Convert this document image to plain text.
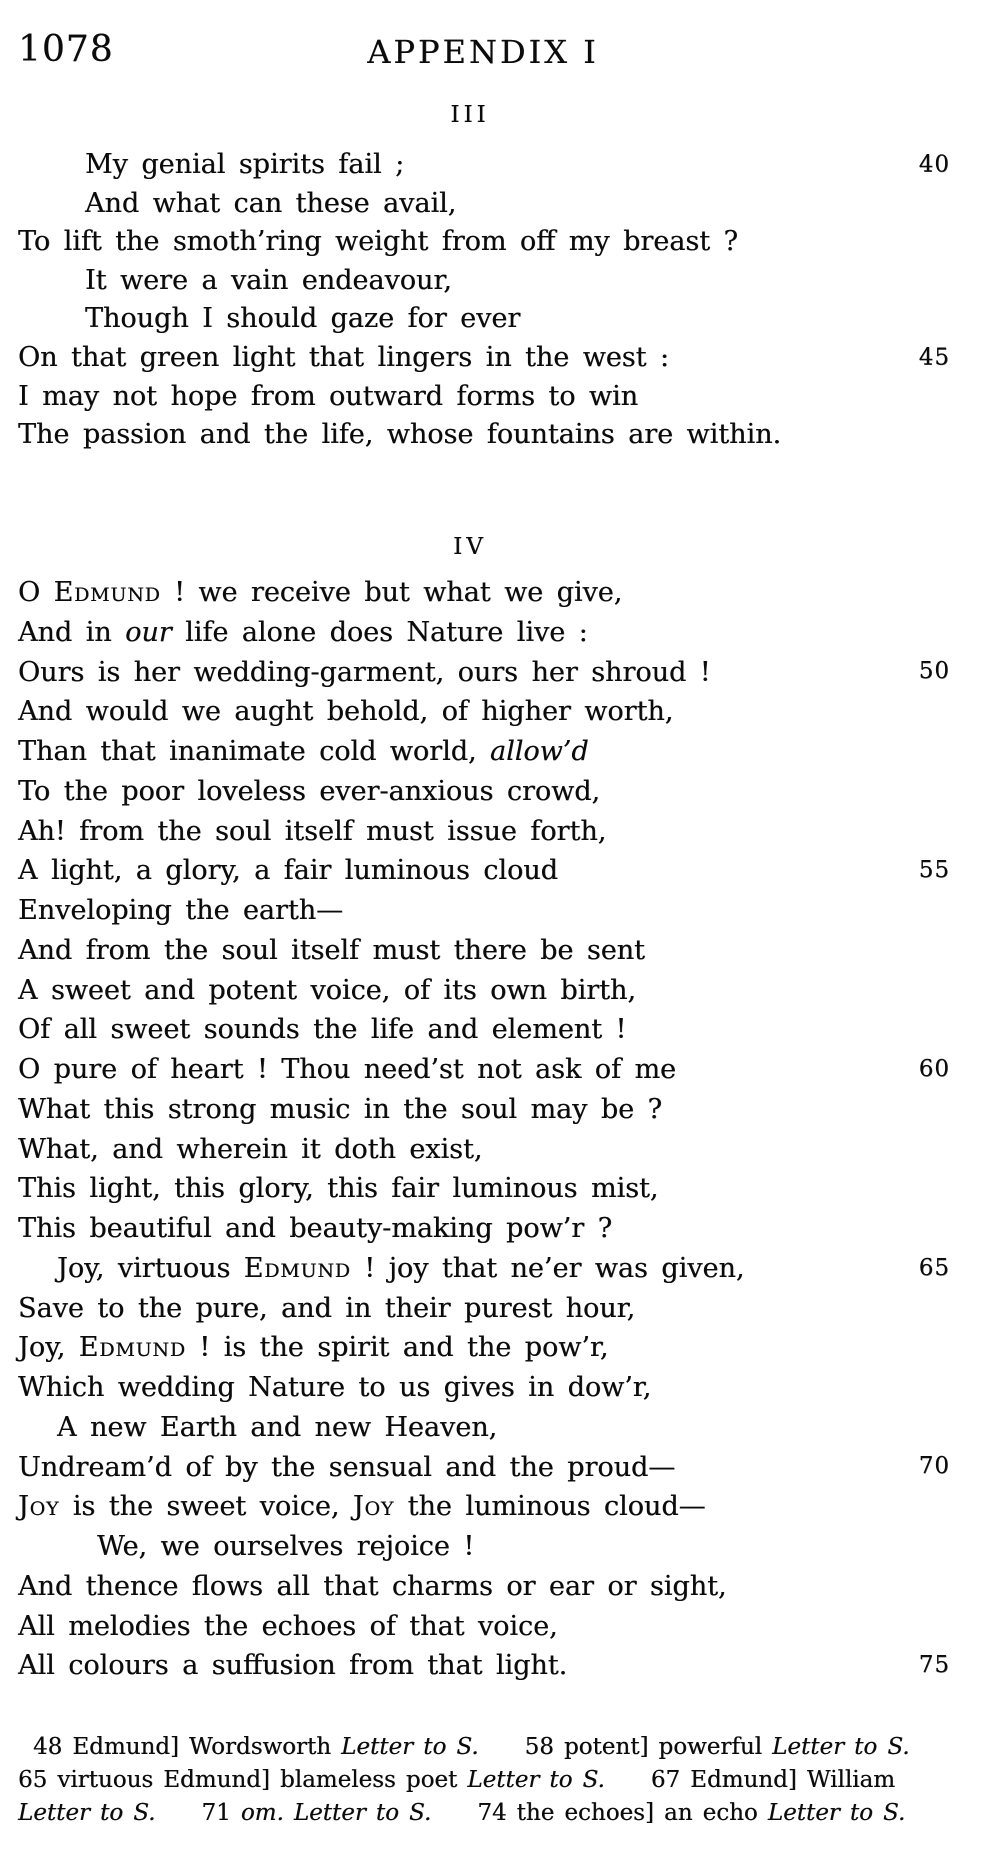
1078	APPENDIX I
III
My genial spirits fail ;	40
And what can these avail,
To lift the smoth’ring weight from off my breast ?
It were a vain endeavour,
Though I should gaze for ever
On that green light that lingers in the west :	45
I may not hope from outward forms to win
The passion and the life, whose fountains are within.
IV
O Edmund ! we receive but what we give,
And in our life alone does Nature live :
Ours is her wedding-garment, ours her shroud !	50
And would we aught behold, of higher worth,
Than that inanimate cold world, allow’d
To the poor loveless ever-anxious crowd,
Ah! from the soul itself must issue forth,
A light, a glory, a fair luminous cloud	55
Enveloping the earth—
And from the soul itself must there be sent
A sweet and potent voice, of its own birth,
Of all sweet sounds the life and element !
O pure of heart ! Thou need’st not ask of me	60
What this strong music in the soul may be ?
What, and wherein it doth exist,
This light, this glory, this fair luminous mist,
This beautiful and beauty-making pow’r ?
Joy, virtuous Edmund ! joy that ne’er was given,	65
Save to the pure, and in their purest hour,
Joy, Edmund ! is the spirit and the pow’r,
Which wedding Nature to us gives in dow’r,
A new Earth and new Heaven,
Undream’d of by the sensual and the proud—	70
Joy is the sweet voice, Joy the luminous cloud—
We, we ourselves rejoice !
And thence flows all that charms or ear or sight,
All melodies the echoes of that voice,
All colours a suffusion from that light.	75
48 Edmund] Wordsworth Letter to S. 58 potent] powerful Letter to S.
65 virtuous Edmund] blameless poet Letter to S. 67 Edmund] William
Letter to S. 71 om. Letter to S. 74 the echoes] an echo Letter to S.
